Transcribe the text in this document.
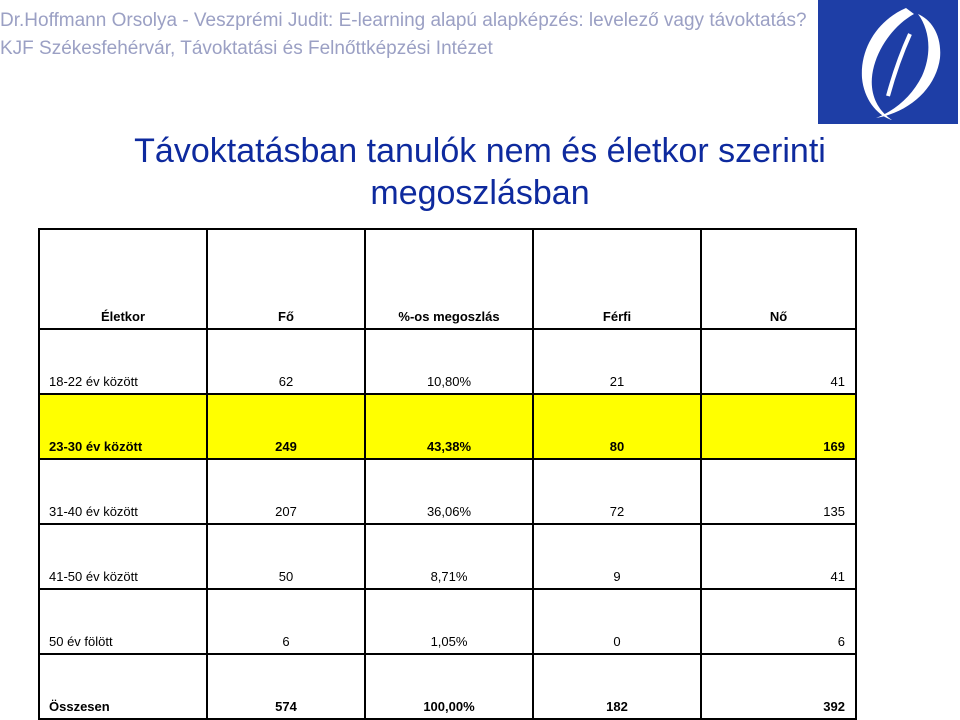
Dr.Hoffmann Orsolya - Veszprémi Judit: E-learning alapú alapképzés: levelező vagy távoktatás?
KJF Székesfehérvár, Távoktatási és Felnőttképzési Intézet
Távoktatásban tanulók nem és életkor szerinti
megoszlásban
Életkor	Fő	%-os megoszlás	Férfi	Nő
18-22 év között	62	10,80%	21	41
23-30 év között	249	43,38%	80	169
31-40 év között	207	36,06%	72	135
41-50 év között	50	8,71%	9	41
50 év fölött	6	1,05%	0	6
Összesen	574	100,00%	182	392
